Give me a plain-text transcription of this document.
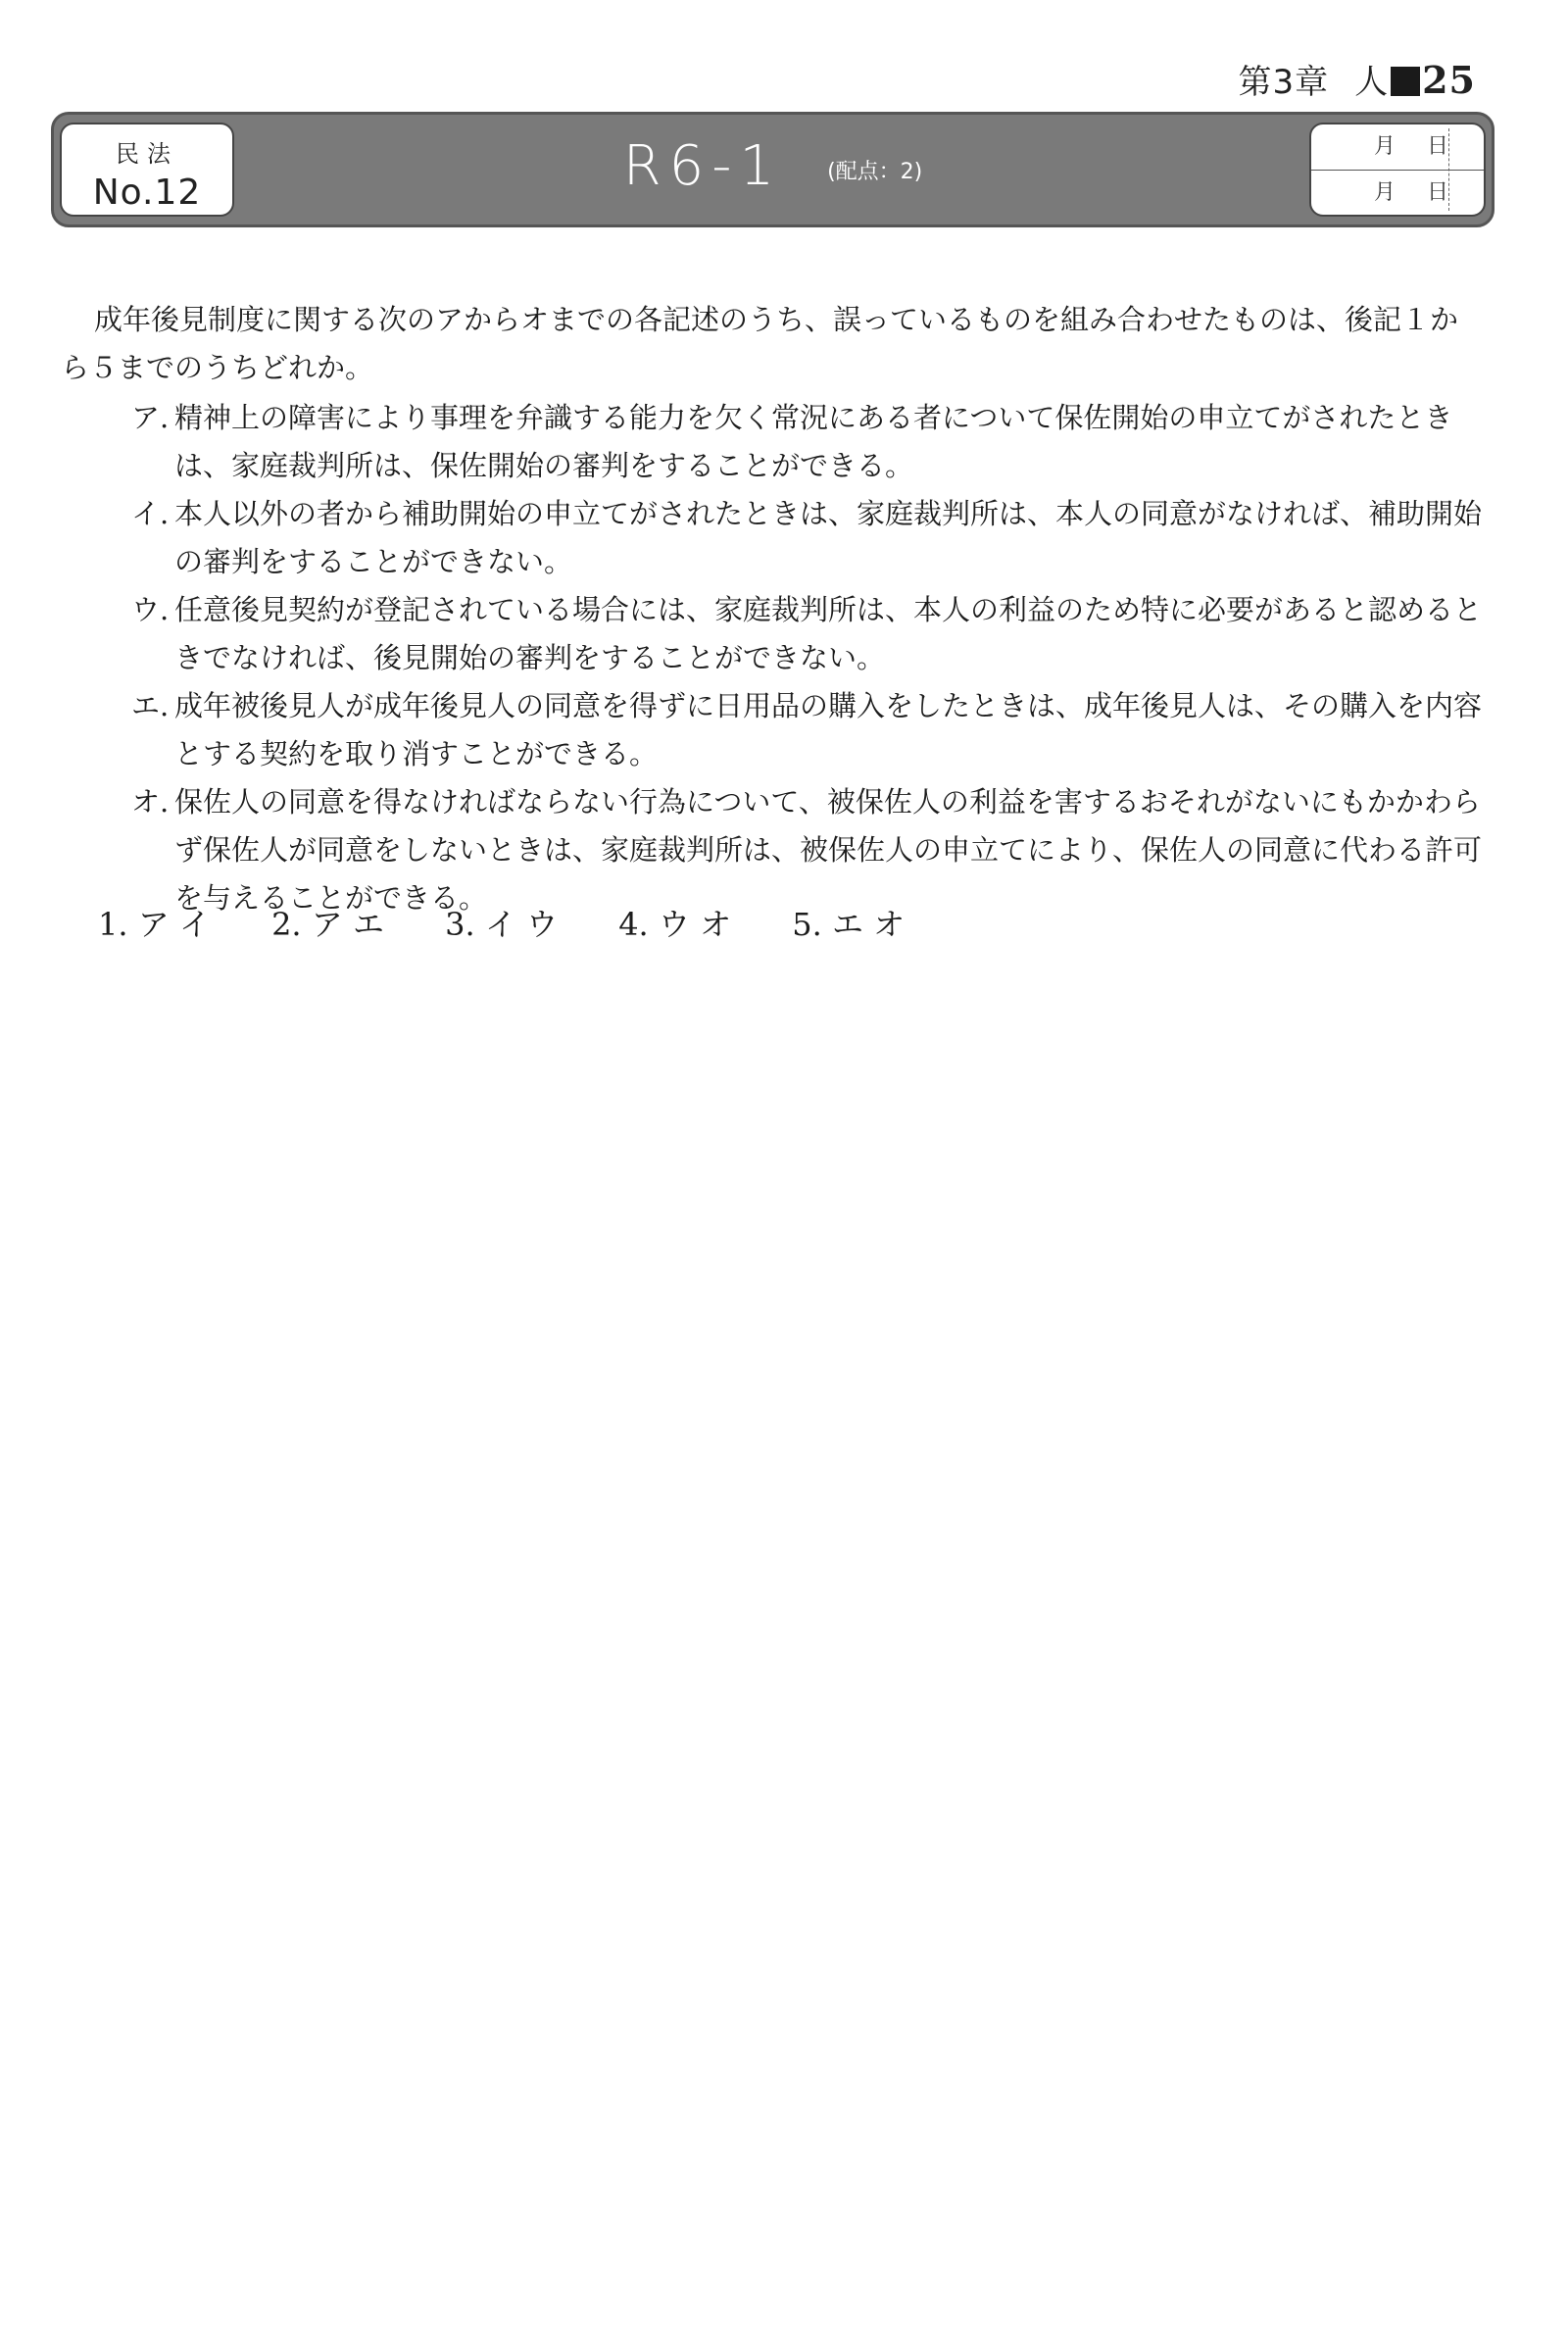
第3章 人 25
民法
No.12	R6-1 (配点：2)
月 日
月 日
成年後見制度に関する次のアからオまでの各記述のうち、誤っているものを組み合わせたものは、後記１から５までのうちどれか。
ア. 精神上の障害により事理を弁識する能力を欠く常況にある者について保佐開始の申立てがされたときは、家庭裁判所は、保佐開始の審判をすることができる。
イ. 本人以外の者から補助開始の申立てがされたときは、家庭裁判所は、本人の同意がなければ、補助開始の審判をすることができない。
ウ. 任意後見契約が登記されている場合には、家庭裁判所は、本人の利益のため特に必要があると認めるときでなければ、後見開始の審判をすることができない。
エ. 成年被後見人が成年後見人の同意を得ずに日用品の購入をしたときは、成年後見人は、その購入を内容とする契約を取り消すことができる。
オ. 保佐人の同意を得なければならない行為について、被保佐人の利益を害するおそれがないにもかかわらず保佐人が同意をしないときは、家庭裁判所は、被保佐人の申立てにより、保佐人の同意に代わる許可を与えることができる。
1. ア イ 2. ア エ 3. イ ウ 4. ウ オ 5. エ オ
